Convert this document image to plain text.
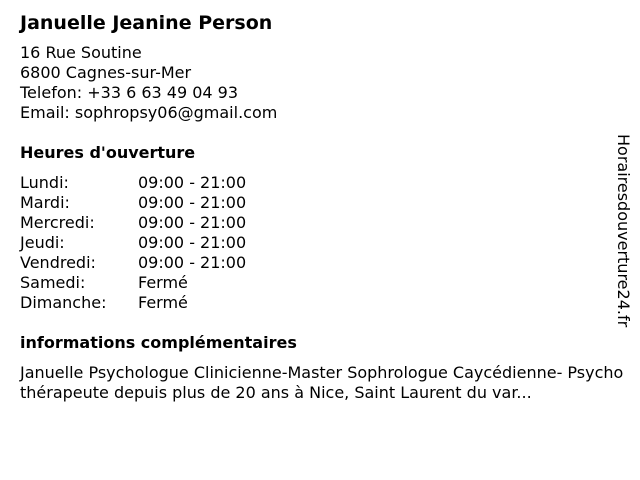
Januelle Jeanine Person
16 Rue Soutine
6800 Cagnes-sur-Mer
Telefon: +33 6 63 49 04 93
Email: sophropsy06@gmail.com
Heures d'ouverture
Lundi:	09:00 - 21:00
Mardi:	09:00 - 21:00
Mercredi:	09:00 - 21:00
Jeudi:	09:00 - 21:00
Vendredi:	09:00 - 21:00
Samedi:	Fermé
Dimanche:	Fermé
informations complémentaires
Januelle Psychologue Clinicienne-Master Sophrologue Caycédienne- Psychothérapeute depuis plus de 20 ans à Nice, Saint Laurent du var...
Horairesdouverture24.fr
